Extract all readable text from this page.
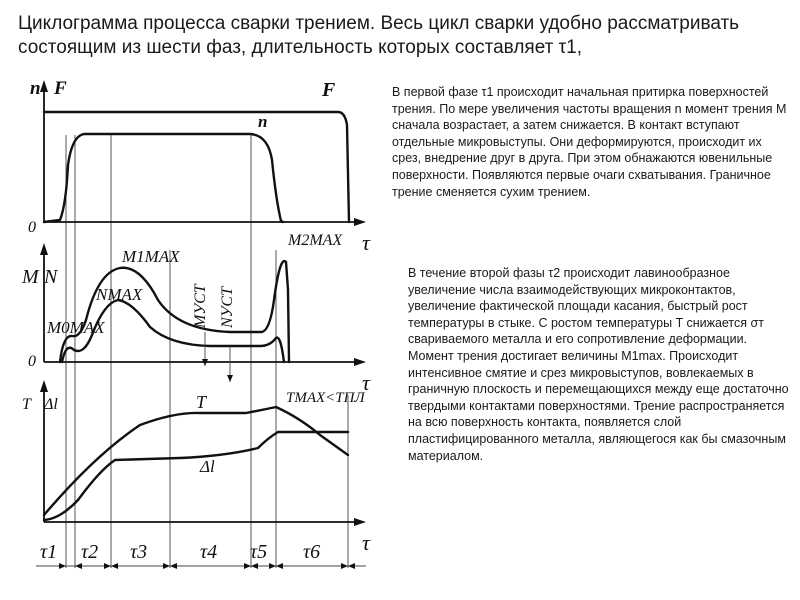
Циклограмма процесса сварки трением. Весь цикл сварки удобно рассматривать состоящим из шести фаз, длительность которых составляет τ1,
n F	F
n
0
τ
M N
M1MAX
NMAX
M0MAX
M2MAX
MУСТ NУСТ
0
τ
T Δl	T
Δl
TMAX<TПЛ
τ
τ1 τ2 τ3	τ4 τ5 τ6
В первой фазе τ1 происходит начальная притирка поверхностей трения. По мере увеличения частоты вращения n момент трения M сначала возрастает, а затем снижается. В контакт вступают отдельные микровыступы. Они деформируются, происходит их срез, внедрение друг в друга. При этом обнажаются ювенильные поверхности. Появляются первые очаги схватывания. Граничное трение сменяется сухим трением.
В течение второй фазы τ2 происходит лавинообразное увеличение числа взаимодействующих микроконтактов, увеличение фактической площади касания, быстрый рост температуры в стыке. С ростом температуры T снижается σт свариваемого металла и его сопротивление деформации. Момент трения достигает величины M1max. Происходит интенсивное смятие и срез микровыступов, вовлекаемых в граничную плоскость и перемещающихся между еще достаточно твердыми контактами поверхностями. Трение распространяется на всю поверхность контакта, появляется слой пластифицированного металла, являющегося как бы смазочным материалом.
